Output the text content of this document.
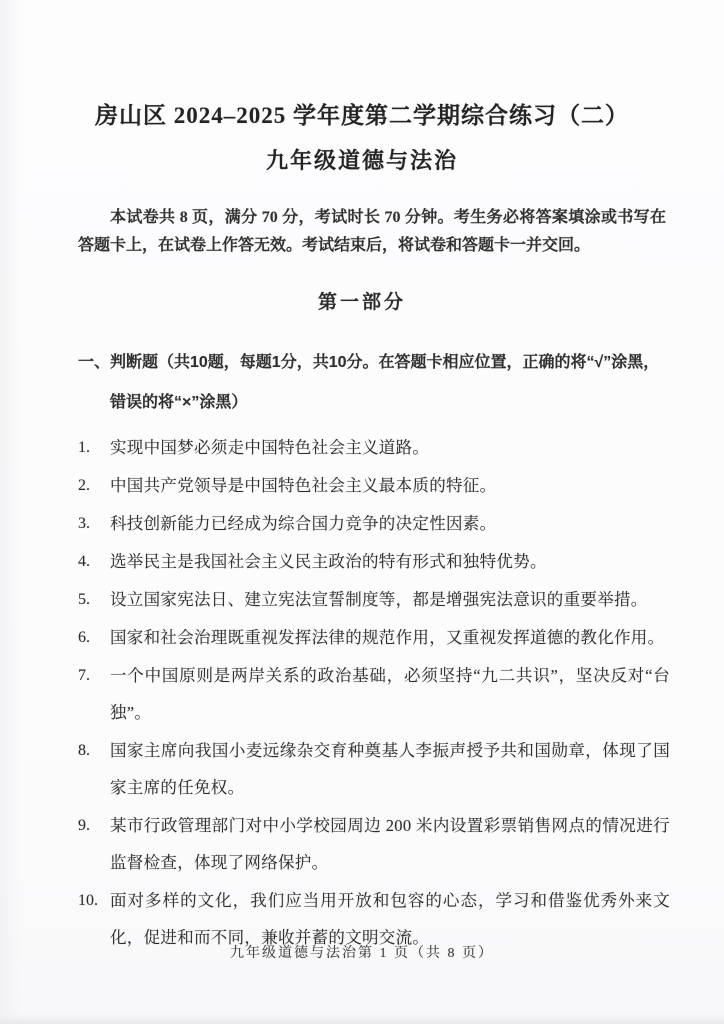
房山区 2024–2025 学年度第二学期综合练习（二）
九年级道德与法治

本试卷共 8 页，满分 70 分，考试时长 70 分钟。考生务必将答案填涂或书写在答题卡上，在试卷上作答无效。考试结束后，将试卷和答题卡一并交回。

第一部分
一、判断题（共10题，每题1分，共10分。在答题卡相应位置，正确的将“√”涂黑，
错误的将“×”涂黑）
1.	实现中国梦必须走中国特色社会主义道路。
2.	中国共产党领导是中国特色社会主义最本质的特征。
3.	科技创新能力已经成为综合国力竞争的决定性因素。
4.	选举民主是我国社会主义民主政治的特有形式和独特优势。
5.	设立国家宪法日、建立宪法宣誓制度等，都是增强宪法意识的重要举措。
6.	国家和社会治理既重视发挥法律的规范作用，又重视发挥道德的教化作用。
7.	一个中国原则是两岸关系的政治基础，必须坚持“九二共识”，坚决反对“台独”。
8.	国家主席向我国小麦远缘杂交育种奠基人李振声授予共和国勋章，体现了国家主席的任免权。
9.	某市行政管理部门对中小学校园周边 200 米内设置彩票销售网点的情况进行监督检查，体现了网络保护。
10. 面对多样的文化，我们应当用开放和包容的心态，学习和借鉴优秀外来文化，促进和而不同，兼收并蓄的文明交流。
九年级道德与法治第 1 页（共 8 页）
